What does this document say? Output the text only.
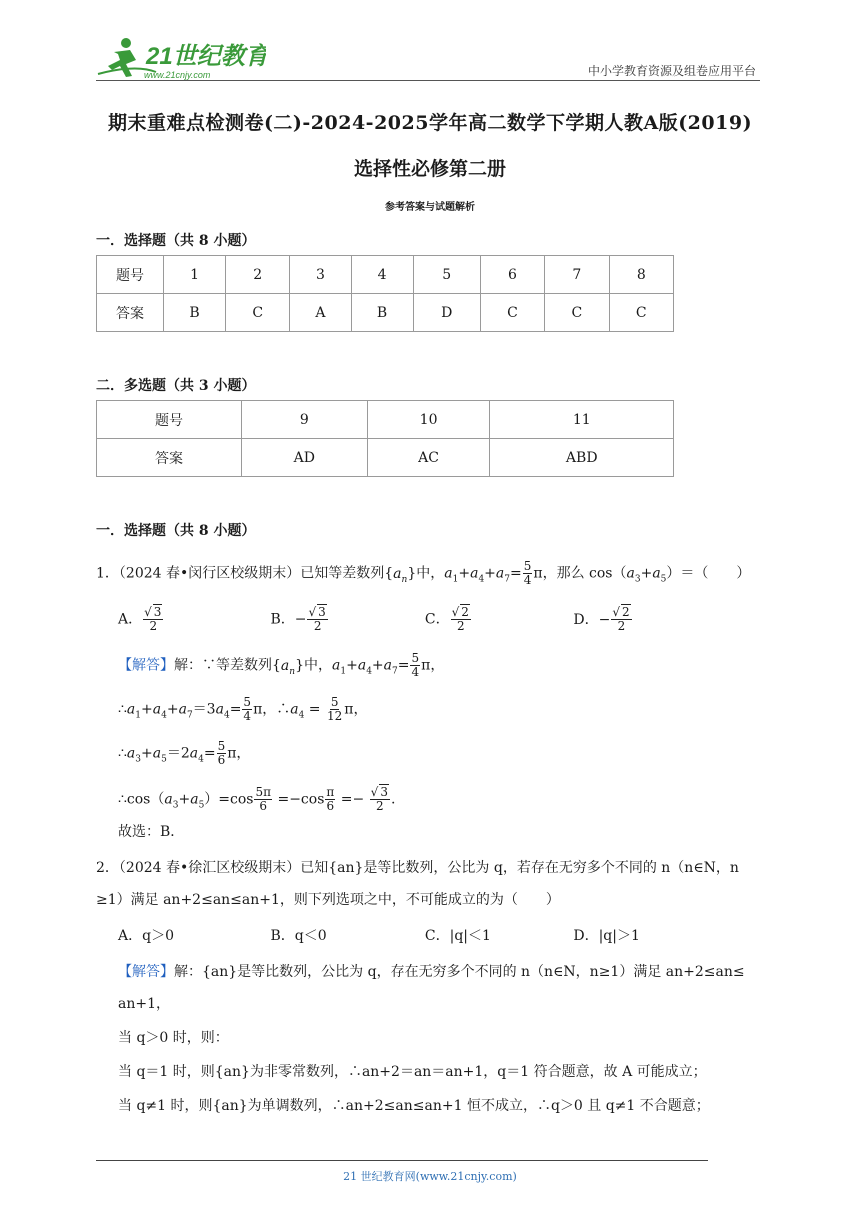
21世纪教育
www.21cnjy.com	中小学教育资源及组卷应用平台
期末重难点检测卷(二)-2024-2025学年高二数学下学期人教A版(2019)
选择性必修第二册
参考答案与试题解析
一．选择题（共 8 小题）
题号	1	2	3	4	5	6	7	8
答案	B	C	A	B	D	C	C	C
二．多选题（共 3 小题）
题号	9	10	11
答案	AD	AC	ABD
一．选择题（共 8 小题）
1．（2024 春•闵行区校级期末）已知等差数列$\{a_n\}$中，$a_1+a_4+a_7= \frac{5}{4}$ π，那么 $\cos(a_3+a_5)=$（　　）
A． $\frac{√ 3}{2}$	B．− $\frac{√ 3}{2}$	C． $\frac{√ 2}{2}$	D．− $\frac{√ 2}{2}$
【解答】解：∵等差数列$\{a_n\}$中，$a_1+a_4+a_7= \frac{5}{4}$ π，
$\therefore a_1+a_4+a_7=3a_4= \frac{5}{4}$ π，$\therefore a_4 = \frac{5}{12}$ π，
$\therefore a_3+a_5=2a_4= \frac{5}{6}$ π，
$\therefore\cos(a_3+a_5)=\cos \frac{5\pi}{6} =-\cos \frac{\pi}{6} =- \frac{√ 3}{2}$ .
故选：B．
2．（2024 春•徐汇区校级期末）已知{an}是等比数列，公比为 q，若存在无穷多个不同的 n（n∈N，n
≥1）满足 an+2≤an≤an+1，则下列选项之中，不可能成立的为（　　）
A．q＞0	B．q＜0	C．|q|＜1	D．|q|＞1
【解答】解：{an}是等比数列，公比为 q，存在无穷多个不同的 n（n∈N，n≥1）满足 an+2≤an≤
an+1，
当 q＞0 时，则：
当 q＝1 时，则{an}为非零常数列，∴an+2＝an＝an+1，q＝1 符合题意，故 A 可能成立；
当 q≠1 时，则{an}为单调数列，∴an+2≤an≤an+1 恒不成立，∴q＞0 且 q≠1 不合题意；
21 世纪教育网(www.21cnjy.com)
